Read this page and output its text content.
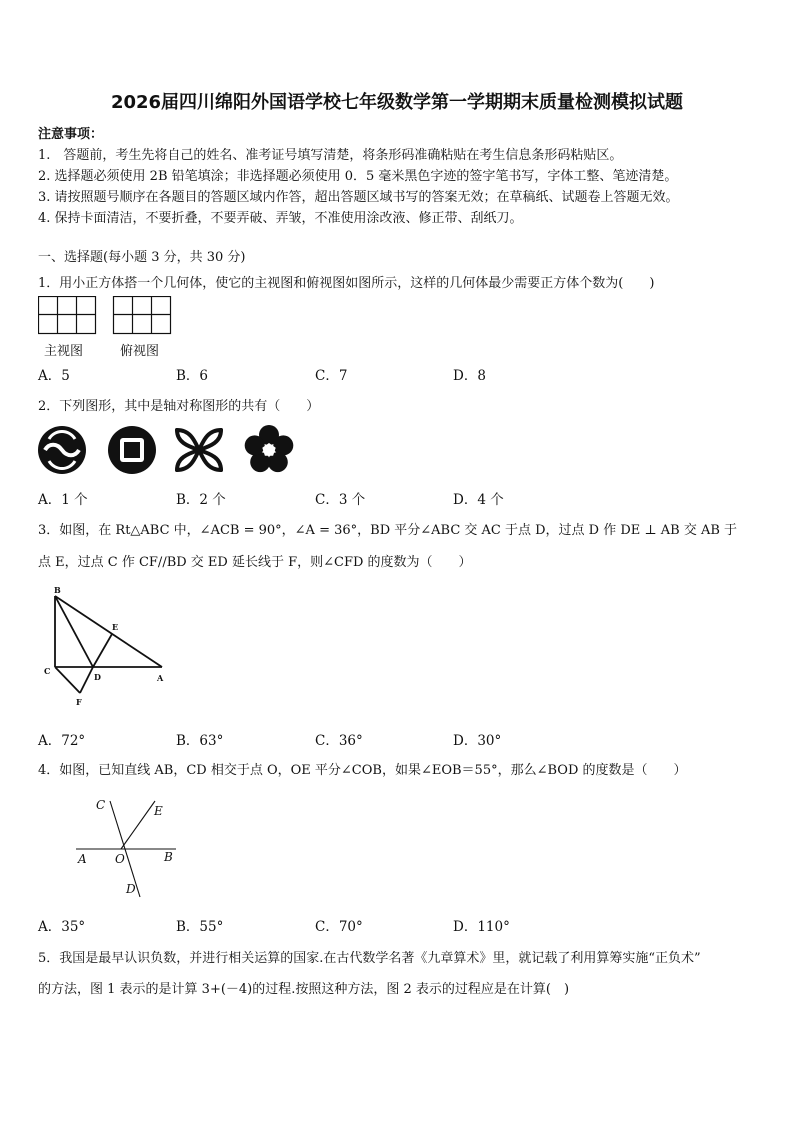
2026届四川绵阳外国语学校七年级数学第一学期期末质量检测模拟试题
注意事项：
1.　答题前，考生先将自己的姓名、准考证号填写清楚，将条形码准确粘贴在考生信息条形码粘贴区。
2. 选择题必须使用 2B 铅笔填涂；非选择题必须使用 0．5 毫米黑色字迹的签字笔书写，字体工整、笔迹清楚。
3. 请按照题号顺序在各题目的答题区域内作答，超出答题区域书写的答案无效；在草稿纸、试题卷上答题无效。
4. 保持卡面清洁，不要折叠，不要弄破、弄皱，不准使用涂改液、修正带、刮纸刀。
一、选择题(每小题 3 分，共 30 分)
1．用小正方体搭一个几何体，使它的主视图和俯视图如图所示，这样的几何体最少需要正方体个数为(　　)
主视图	俯视图
A．5	B．6	C．7	D．8
2．下列图形，其中是轴对称图形的共有（　　）
A．1 个	B．2 个	C．3 个	D．4 个
3．如图，在 Rt△ABC 中，∠ACB = 90°，∠A = 36°，BD 平分∠ABC 交 AC 于点 D，过点 D 作 DE ⊥ AB 交 AB 于
点 E，过点 C 作 CF//BD 交 ED 延长线于 F，则∠CFD 的度数为（　　）
B
E
C
D	A
F
A．72°	B．63°	C．36°	D．30°
4．如图，已知直线 AB，CD 相交于点 O，OE 平分∠COB，如果∠EOB＝55°，那么∠BOD 的度数是（　　）
C	E
A O	B
D
A．35°	B．55°	C．70°	D．110°
5．我国是最早认识负数，并进行相关运算的国家.在古代数学名著《九章算术》里，就记载了利用算筹实施“正负术”
的方法，图 1 表示的是计算 3+(－4)的过程.按照这种方法，图 2 表示的过程应是在计算(　)
